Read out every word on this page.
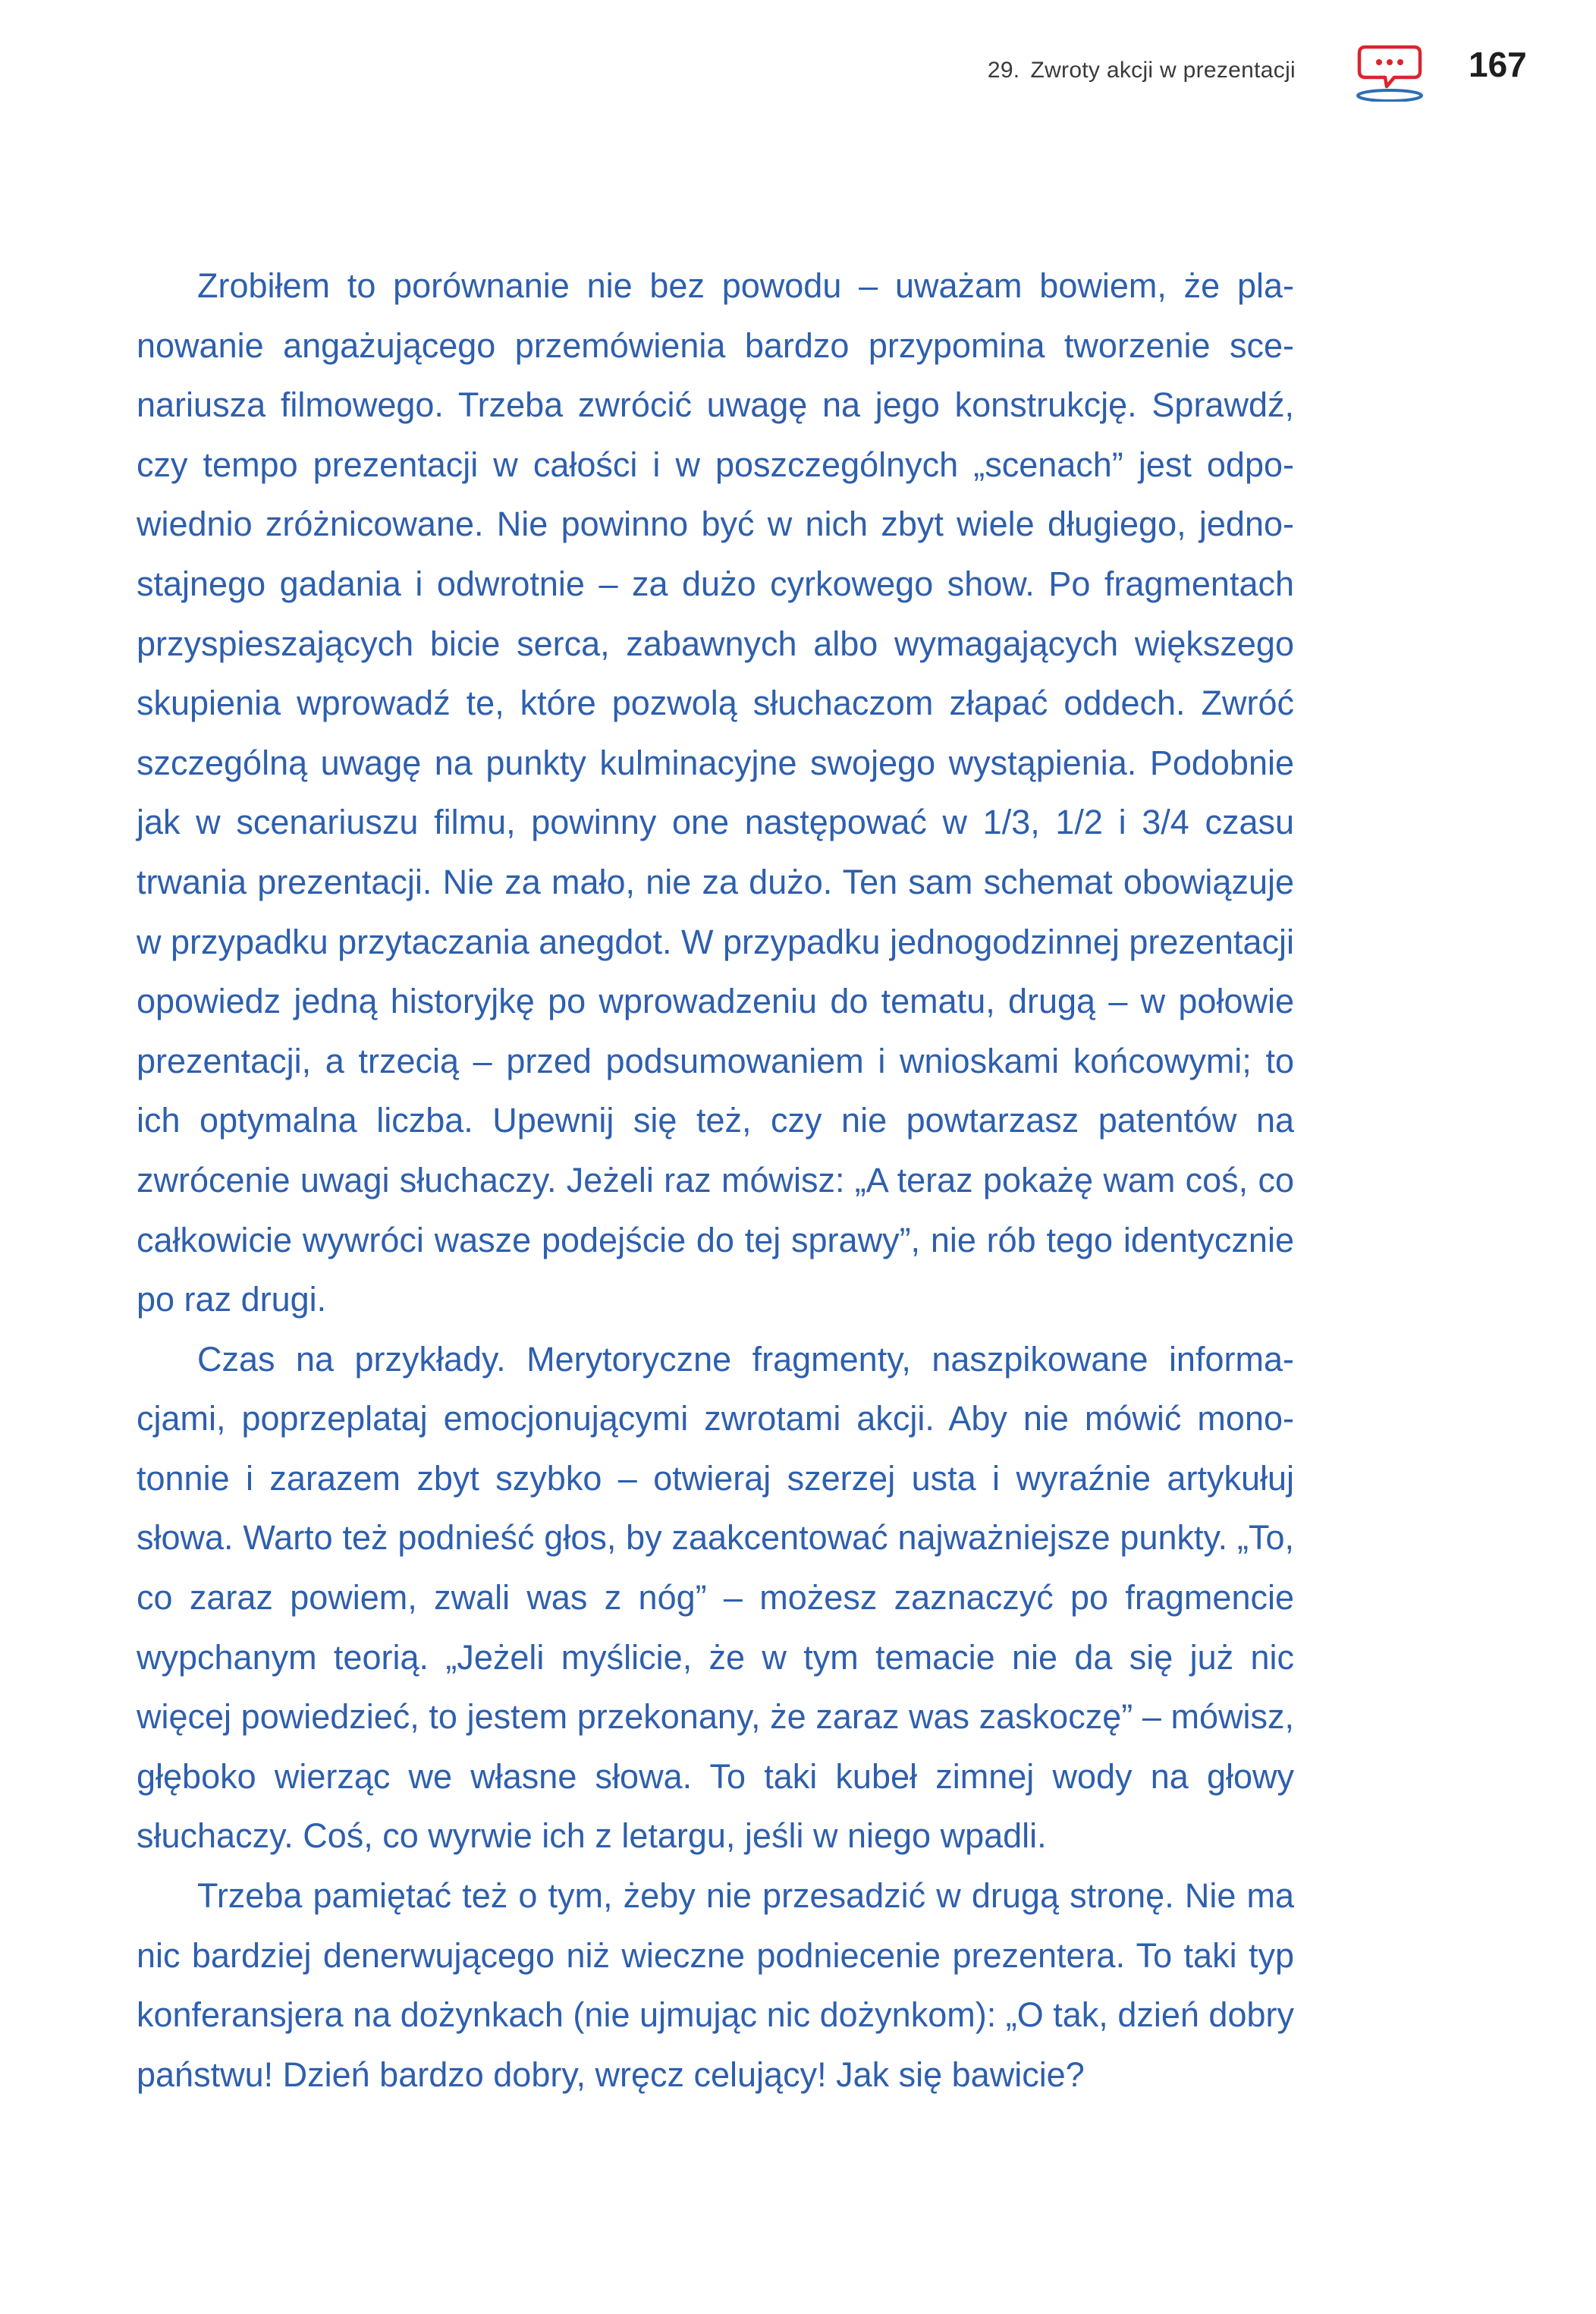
29. Zwroty akcji w prezentacji	167

Zrobiłem to porównanie nie bez powodu – uważam bowiem, że planowanie angażującego przemówienia bardzo przypomina tworzenie scenariusza filmowego. Trzeba zwrócić uwagę na jego konstrukcję. Sprawdź, czy tempo prezentacji w całości i w poszczególnych „scenach” jest odpowiednio zróżnicowane. Nie powinno być w nich zbyt wiele długiego, jednostajnego gadania i odwrotnie – za dużo cyrkowego show. Po fragmentach przyspieszających bicie serca, zabawnych albo wymagających większego skupienia wprowadź te, które pozwolą słuchaczom złapać oddech. Zwróć szczególną uwagę na punkty kulminacyjne swojego wystąpienia. Podobnie jak w scenariuszu filmu, powinny one następować w 1/3, 1/2 i 3/4 czasu trwania prezentacji. Nie za mało, nie za dużo. Ten sam schemat obowiązuje w przypadku przytaczania anegdot. W przypadku jednogodzinnej prezentacji opowiedz jedną historyjkę po wprowadzeniu do tematu, drugą – w połowie prezentacji, a trzecią – przed podsumowaniem i wnioskami końcowymi; to ich optymalna liczba. Upewnij się też, czy nie powtarzasz patentów na zwrócenie uwagi słuchaczy. Jeżeli raz mówisz: „A teraz pokażę wam coś, co całkowicie wywróci wasze podejście do tej sprawy”, nie rób tego identycznie po raz drugi.

Czas na przykłady. Merytoryczne fragmenty, naszpikowane informacjami, poprzeplataj emocjonującymi zwrotami akcji. Aby nie mówić monotonnie i zarazem zbyt szybko – otwieraj szerzej usta i wyraźnie artykułuj słowa. Warto też podnieść głos, by zaakcentować najważniejsze punkty. „To, co zaraz powiem, zwali was z nóg” – możesz zaznaczyć po fragmencie wypchanym teorią. „Jeżeli myślicie, że w tym temacie nie da się już nic więcej powiedzieć, to jestem przekonany, że zaraz was zaskoczę” – mówisz, głęboko wierząc we własne słowa. To taki kubeł zimnej wody na głowy słuchaczy. Coś, co wyrwie ich z letargu, jeśli w niego wpadli.

Trzeba pamiętać też o tym, żeby nie przesadzić w drugą stronę. Nie ma nic bardziej denerwującego niż wieczne podniecenie prezentera. To taki typ konferansjera na dożynkach (nie ujmując nic dożynkom): „O tak, dzień dobry państwu! Dzień bardzo dobry, wręcz celujący! Jak się bawicie?
